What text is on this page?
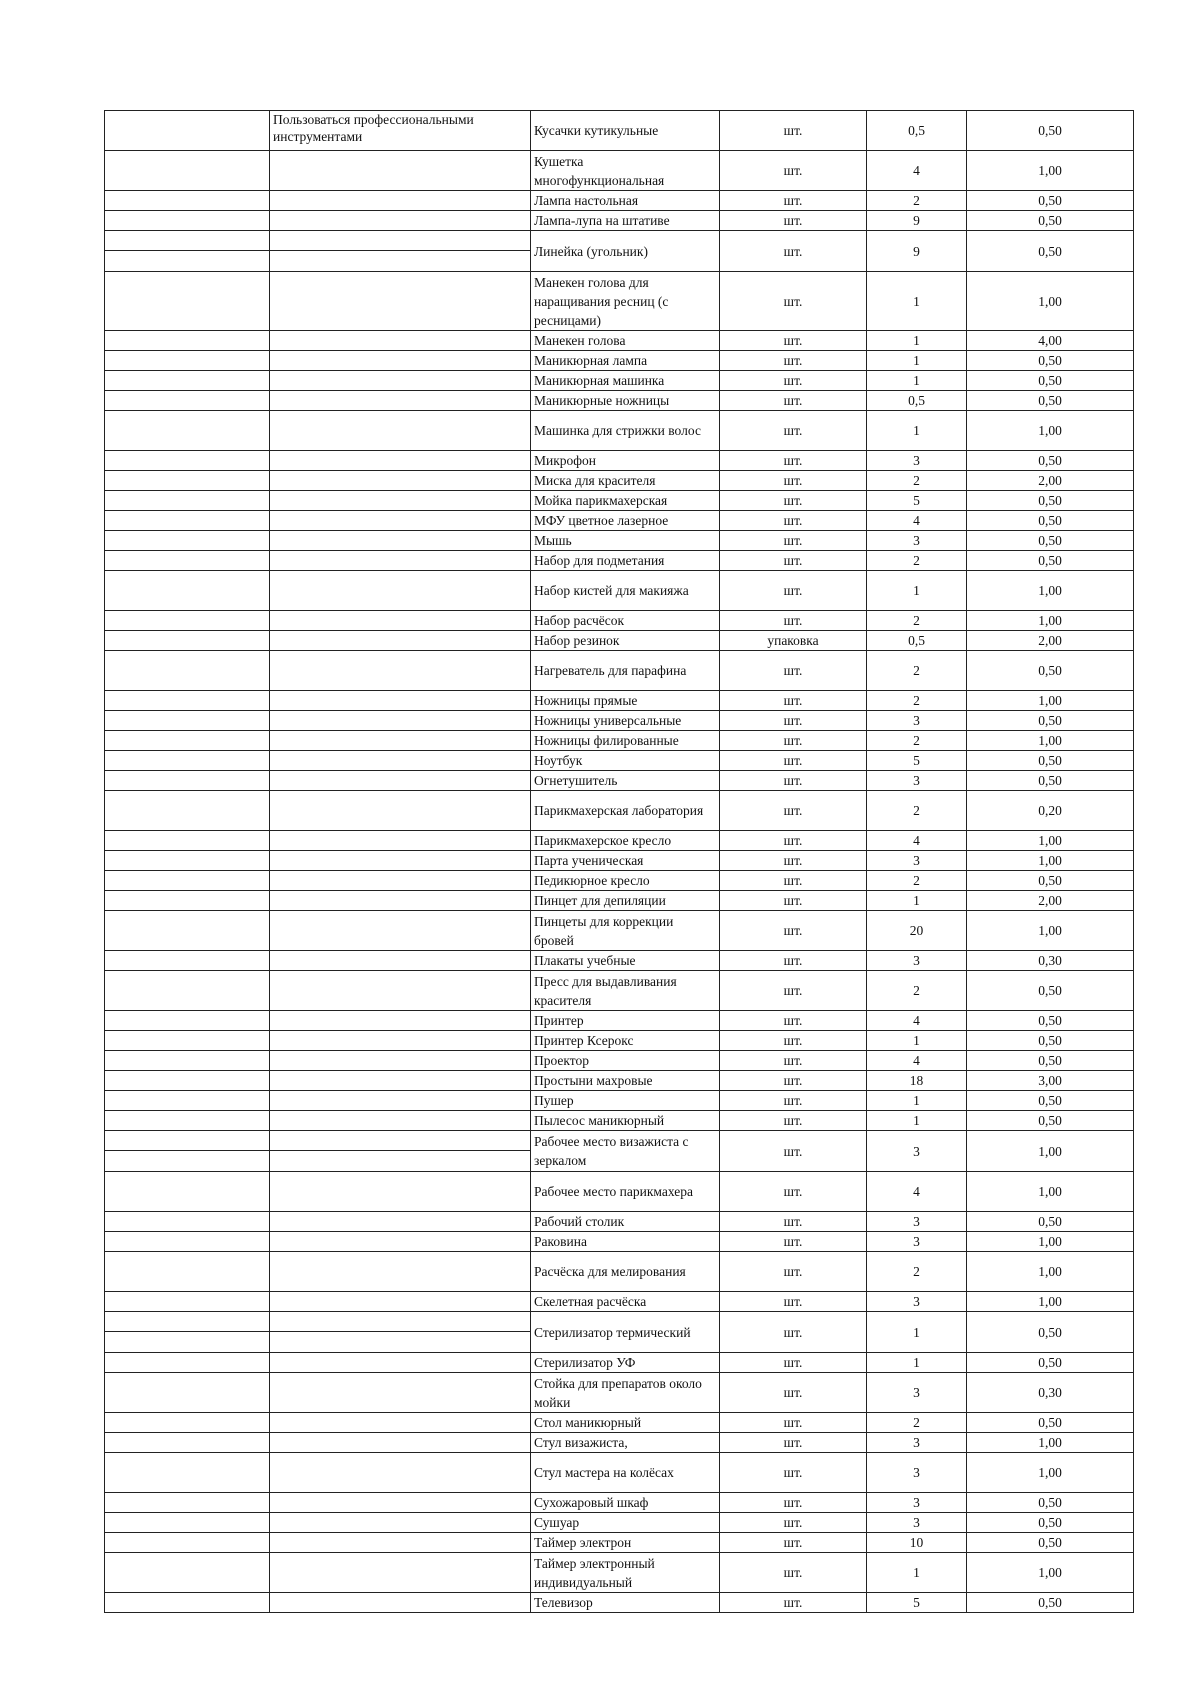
	Пользоваться профессиональными инструментами	Кусачки кутикульные	шт.	0,5	0,50

		Кушетка многофункциональная	шт.	4	1,00

		Лампа настольная	шт.	2	0,50

		Лампа-лупа на штативе	шт.	9	0,50

		Линейка (угольник)	шт.	9	0,50

		Манекен голова для наращивания ресниц (с ресницами)	шт.	1	1,00

		Манекен голова	шт.	1	4,00

		Маникюрная лампа	шт.	1	0,50

		Маникюрная машинка	шт.	1	0,50

		Маникюрные ножницы	шт.	0,5	0,50

		Машинка для стрижки волос	шт.	1	1,00

		Микрофон	шт.	3	0,50

		Миска для красителя	шт.	2	2,00

		Мойка парикмахерская	шт.	5	0,50

		МФУ цветное лазерное	шт.	4	0,50

		Мышь	шт.	3	0,50

		Набор для подметания	шт.	2	0,50

		Набор кистей для макияжа	шт.	1	1,00

		Набор расчёсок	шт.	2	1,00

		Набор резинок	упаковка	0,5	2,00

		Нагреватель для парафина	шт.	2	0,50

		Ножницы прямые	шт.	2	1,00

		Ножницы универсальные	шт.	3	0,50

		Ножницы филированные	шт.	2	1,00

		Ноутбук	шт.	5	0,50

		Огнетушитель	шт.	3	0,50

		Парикмахерская лаборатория	шт.	2	0,20

		Парикмахерское кресло	шт.	4	1,00

		Парта ученическая	шт.	3	1,00

		Педикюрное кресло	шт.	2	0,50

		Пинцет для депиляции	шт.	1	2,00

		Пинцеты для коррекции бровей	шт.	20	1,00

		Плакаты учебные	шт.	3	0,30

		Пресс для выдавливания красителя	шт.	2	0,50

		Принтер	шт.	4	0,50

		Принтер Ксерокс	шт.	1	0,50

		Проектор	шт.	4	0,50

		Простыни махровые	шт.	18	3,00

		Пушер	шт.	1	0,50

		Пылесос маникюрный	шт.	1	0,50

		Рабочее место визажиста с зеркалом	шт.	3	1,00

		Рабочее место парикмахера	шт.	4	1,00

		Рабочий столик	шт.	3	0,50

		Раковина	шт.	3	1,00

		Расчёска для мелирования	шт.	2	1,00

		Скелетная расчёска	шт.	3	1,00

		Стерилизатор термический	шт.	1	0,50

		Стерилизатор УФ	шт.	1	0,50

		Стойка для препаратов около мойки	шт.	3	0,30

		Стол маникюрный	шт.	2	0,50

		Стул визажиста,	шт.	3	1,00

		Стул мастера на колёсах	шт.	3	1,00

		Сухожаровый шкаф	шт.	3	0,50

		Сушуар	шт.	3	0,50

		Таймер электрон	шт.	10	0,50

		Таймер электронный индивидуальный	шт.	1	1,00

		Телевизор	шт.	5	0,50
